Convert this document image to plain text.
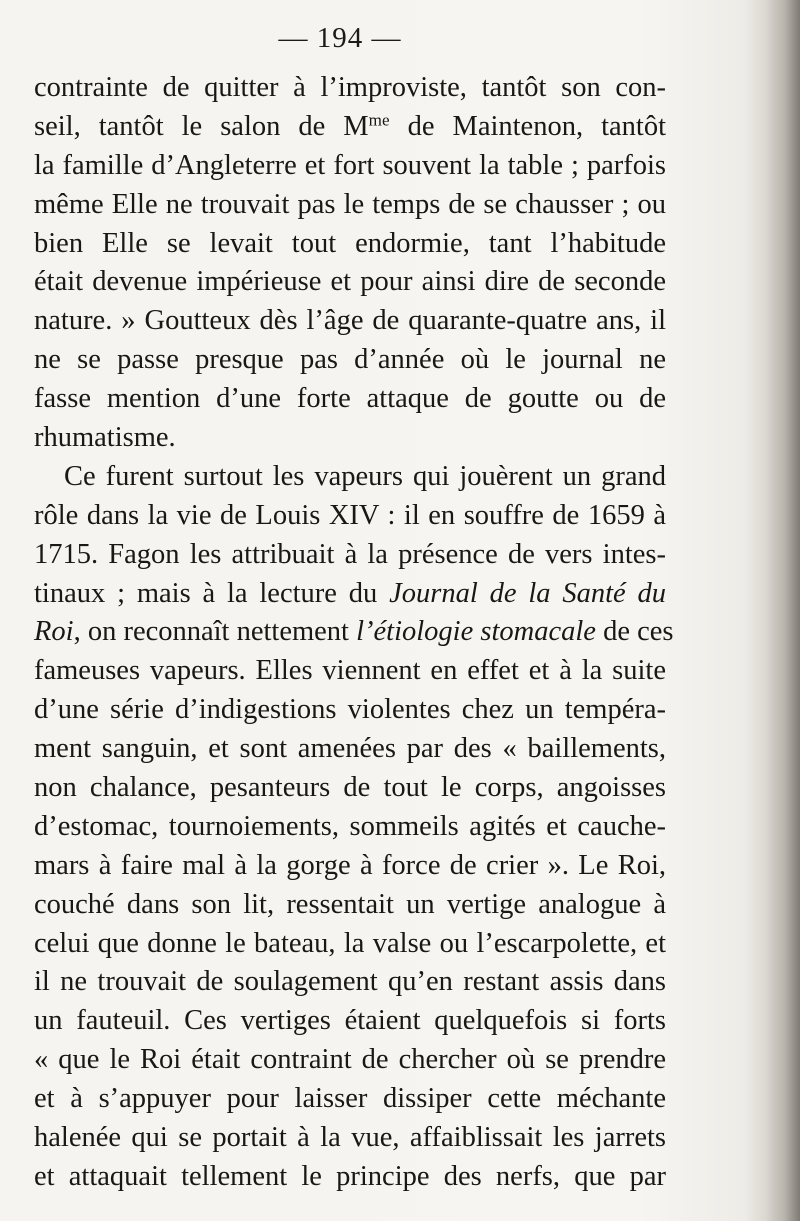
— 194 —
contrainte de quitter à l’improviste, tantôt son con-
seil, tantôt le salon de $M^{me}$ de Maintenon, tantôt
la famille d’Angleterre et fort souvent la table ; parfois
même Elle ne trouvait pas le temps de se chausser ; ou
bien Elle se levait tout endormie, tant l’habitude
était devenue impérieuse et pour ainsi dire de seconde
nature. » Goutteux dès l’âge de quarante-quatre ans, il
ne se passe presque pas d’année où le journal ne
fasse mention d’une forte attaque de goutte ou de
rhumatisme.
Ce furent surtout les vapeurs qui jouèrent un grand
rôle dans la vie de Louis XIV : il en souffre de 1659 à
1715. Fagon les attribuait à la présence de vers intes-
tinaux ; mais à la lecture du Journal de la Santé du
Roi, on reconnaît nettement l’étiologie stomacale de ces
fameuses vapeurs. Elles viennent en effet et à la suite
d’une série d’indigestions violentes chez un tempéra-
ment sanguin, et sont amenées par des « baillements,
non chalance, pesanteurs de tout le corps, angoisses
d’estomac, tournoiements, sommeils agités et cauche-
mars à faire mal à la gorge à force de crier ». Le Roi,
couché dans son lit, ressentait un vertige analogue à
celui que donne le bateau, la valse ou l’escarpolette, et
il ne trouvait de soulagement qu’en restant assis dans
un fauteuil. Ces vertiges étaient quelquefois si forts
« que le Roi était contraint de chercher où se prendre
et à s’appuyer pour laisser dissiper cette méchante
halenée qui se portait à la vue, affaiblissait les jarrets
et attaquait tellement le principe des nerfs, que par
